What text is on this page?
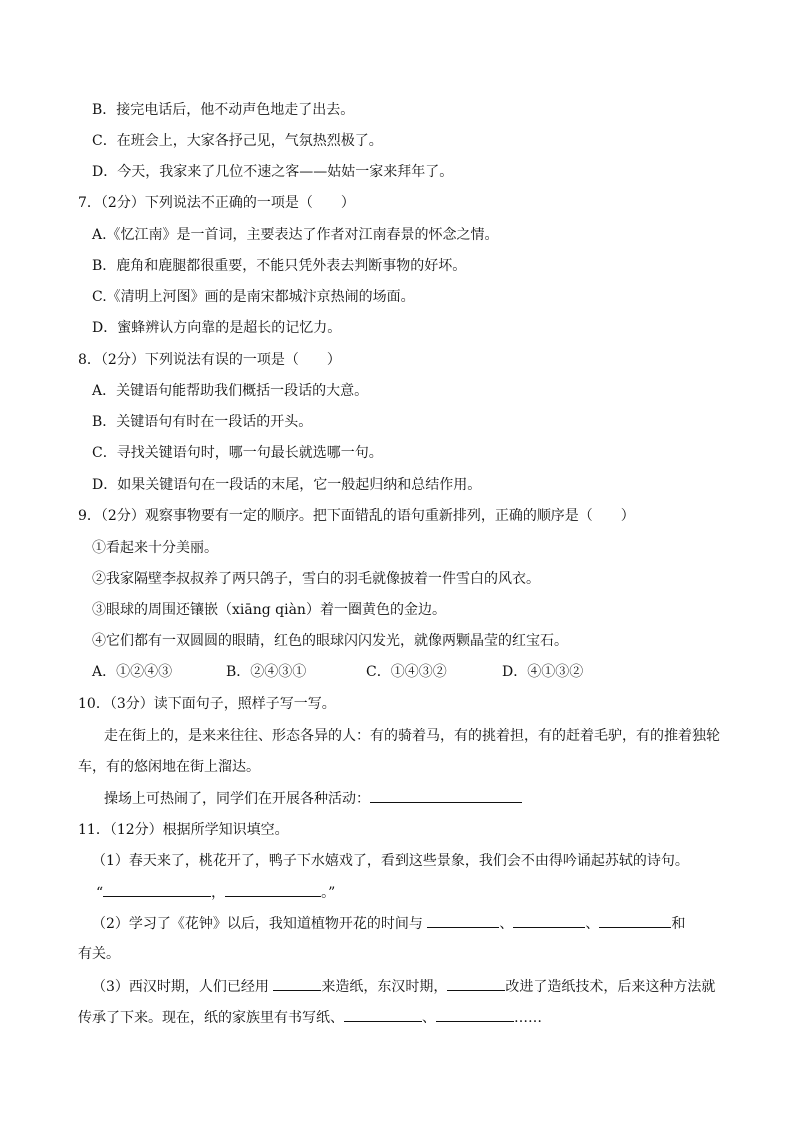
B．接完电话后，他不动声色地走了出去。
C．在班会上，大家各抒己见，气氛热烈极了。
D．今天，我家来了几位不速之客——姑姑一家来拜年了。
7．（2分）下列说法不正确的一项是（　　）
A.《忆江南》是一首词，主要表达了作者对江南春景的怀念之情。
B．鹿角和鹿腿都很重要，不能只凭外表去判断事物的好坏。
C.《清明上河图》画的是南宋都城汴京热闹的场面。
D．蜜蜂辨认方向靠的是超长的记忆力。
8．（2分）下列说法有误的一项是（　　）
A．关键语句能帮助我们概括一段话的大意。
B．关键语句有时在一段话的开头。
C．寻找关键语句时，哪一句最长就选哪一句。
D．如果关键语句在一段话的末尾，它一般起归纳和总结作用。
9．（2分）观察事物要有一定的顺序。把下面错乱的语句重新排列，正确的顺序是（　　）
①看起来十分美丽。
②我家隔壁李叔叔养了两只鸽子，雪白的羽毛就像披着一件雪白的风衣。
③眼球的周围还镶嵌（xiāng qiàn）着一圈黄色的金边。
④它们都有一双圆圆的眼睛，红色的眼球闪闪发光，就像两颗晶莹的红宝石。
A．①②④③	B．②④③①	C．①④③②	D．④①③②
10．（3分）读下面句子，照样子写一写。
走在街上的，是来来往往、形态各异的人：有的骑着马，有的挑着担，有的赶着毛驴，有的推着独轮
车，有的悠闲地在街上溜达。
操场上可热闹了，同学们在开展各种活动：
11．（12分）根据所学知识填空。
（1）春天来了，桃花开了，鸭子下水嬉戏了，看到这些景象，我们会不由得吟诵起苏轼的诗句。
“	，	。”
（2）学习了《花钟》以后，我知道植物开花的时间与	、	、	和
有关。
（3）西汉时期，人们已经用	来造纸，东汉时期，	改进了造纸技术，后来这种方法就
传承了下来。现在，纸的家族里有书写纸、	、	……
